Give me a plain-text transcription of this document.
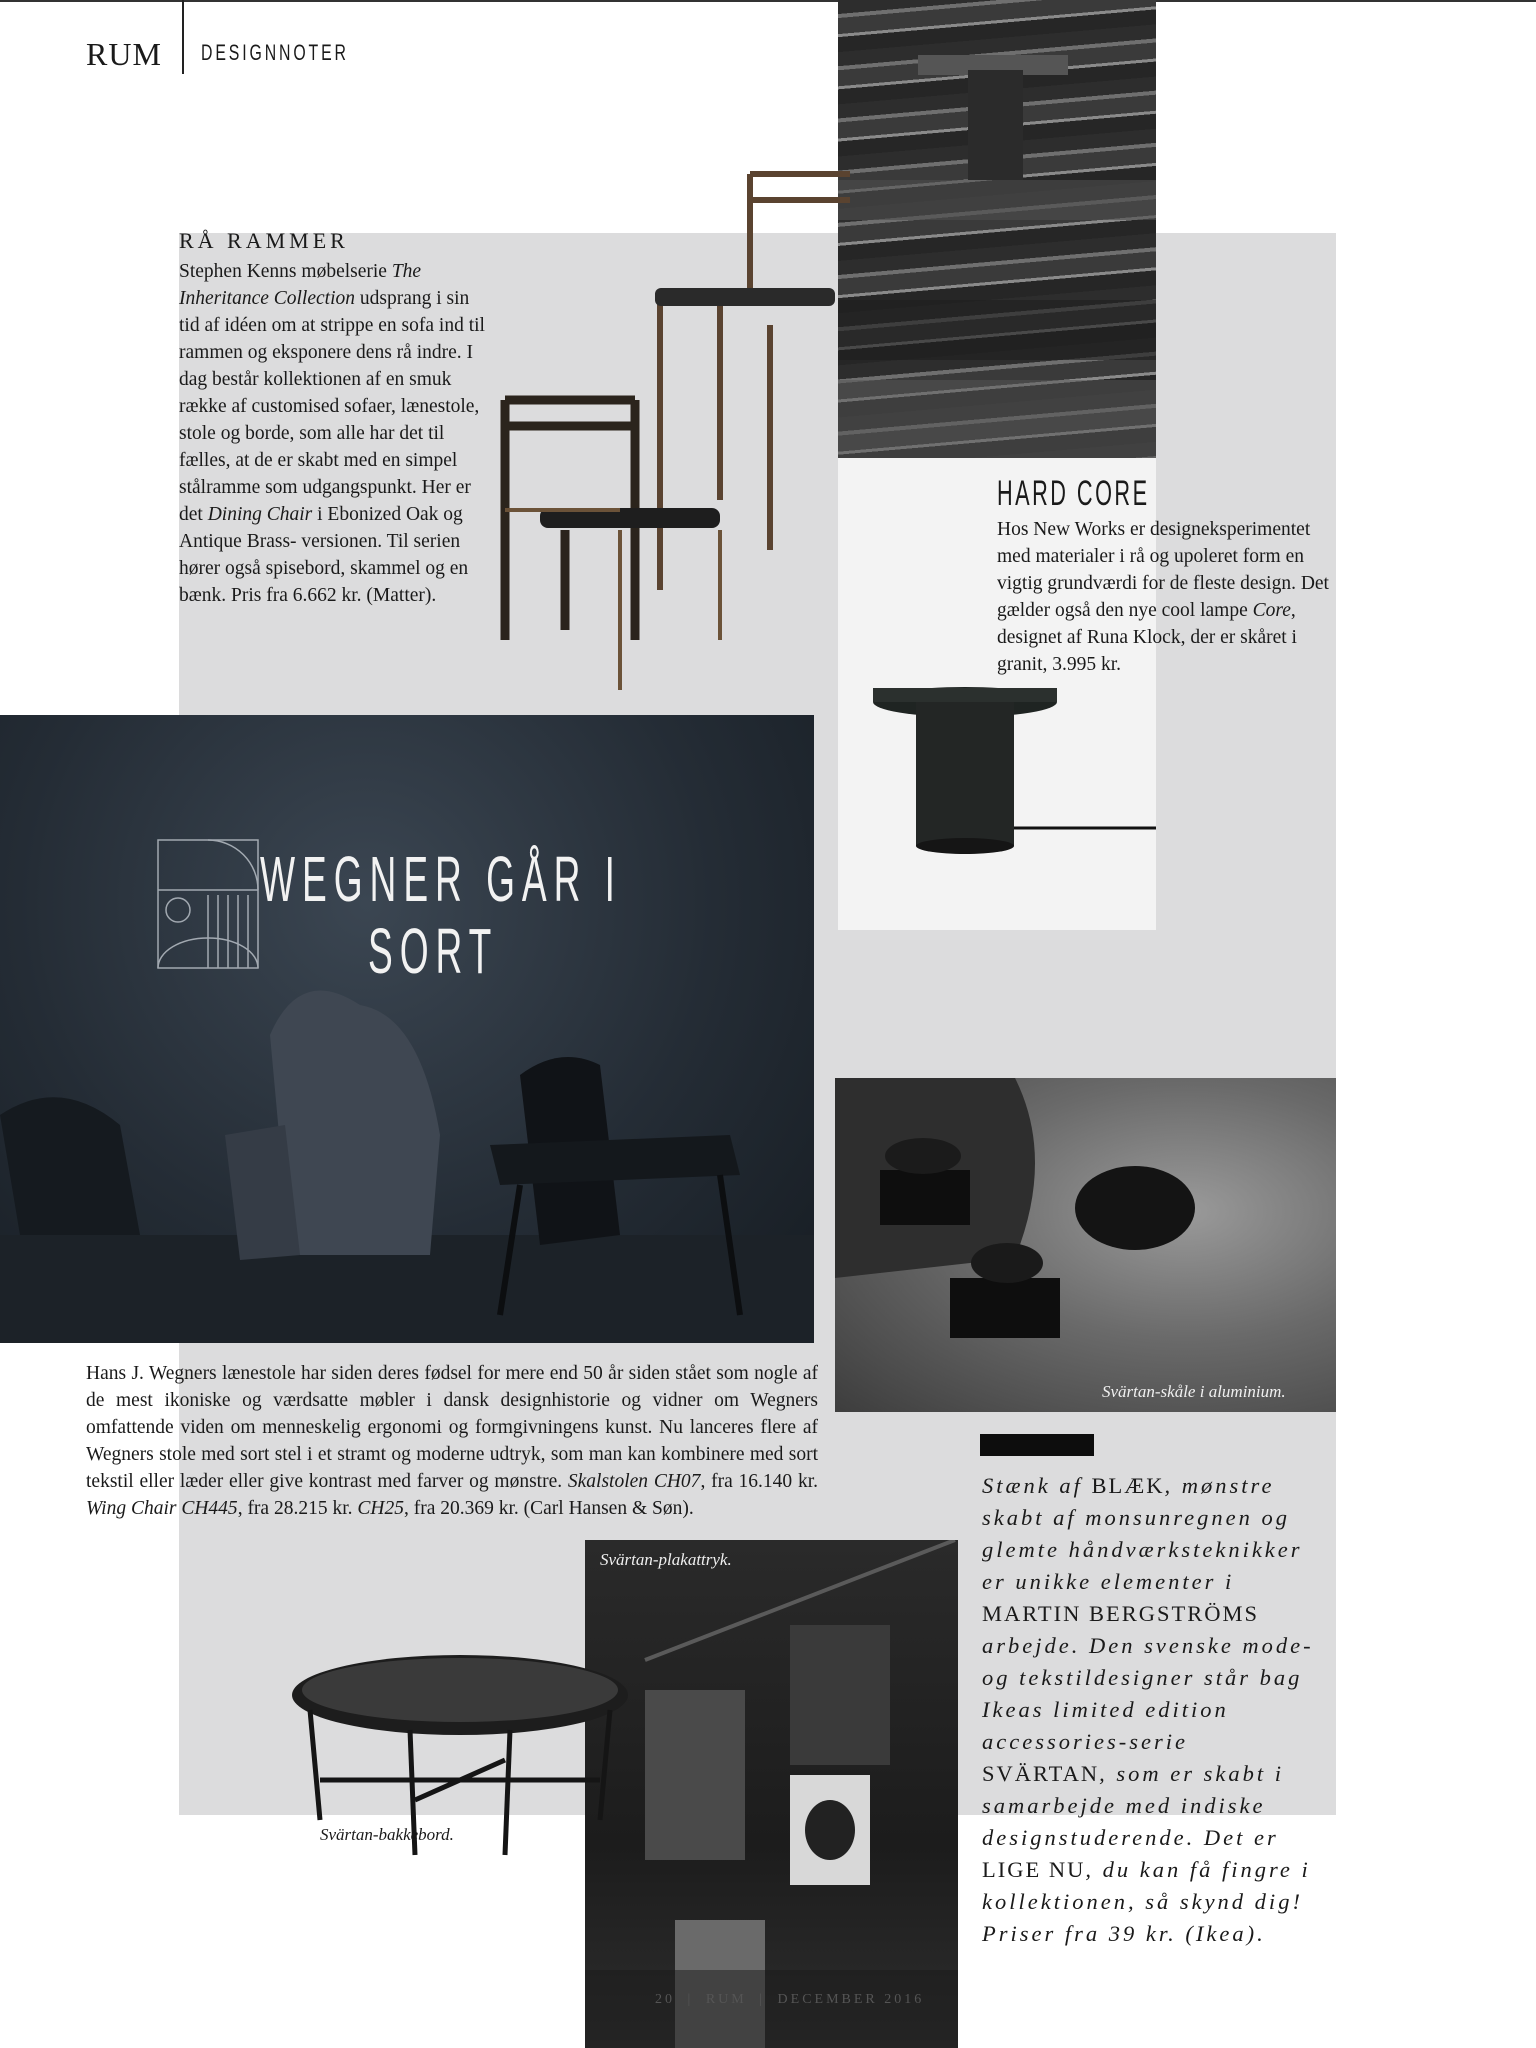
RUM DESIGNNOTER
RÅ RAMMER
Stephen Kenns møbelserie The Inheritance Collection udsprang i sin tid af idéen om at strippe en sofa ind til rammen og eksponere dens rå indre. I dag består kollektionen af en smuk række af customised sofaer, lænestole, stole og borde, som alle har det til fælles, at de er skabt med en simpel stålramme som udgangspunkt. Her er det Dining Chair i Ebonized Oak og Antique Brass- versionen. Til serien hører også spisebord, skammel og en bænk. Pris fra 6.662 kr. (Matter).
HARD CORE
Hos New Works er designeksperimentet med materialer i rå og upoleret form en vigtig grundværdi for de fleste design. Det gælder også den nye cool lampe Core, designet af Runa Klock, der er skåret i granit, 3.995 kr.
WEGNER GÅR I
SORT
Hans J. Wegners lænestole har siden deres fødsel for mere end 50 år siden stået som nogle af de mest ikoniske og værdsatte møbler i dansk designhistorie og vidner om Wegners omfattende viden om menneskelig ergonomi og formgivningens kunst. Nu lanceres flere af Wegners stole med sort stel i et stramt og moderne udtryk, som man kan kombinere med sort tekstil eller læder eller give kontrast med farver og mønstre. Skalstolen CH07, fra 16.140 kr. Wing Chair CH445, fra 28.215 kr. CH25, fra 20.369 kr. (Carl Hansen & Søn).
Svärtan-skåle i aluminium.
Stænk af BLÆK, mønstre skabt af monsunregnen og glemte håndværksteknikker er unikke elementer i MARTIN BERGSTRÖMS arbejde. Den svenske mode- og tekstildesigner står bag Ikeas limited edition accessories-serie SVÄRTAN, som er skabt i samarbejde med indiske designstuderende. Det er LIGE NU, du kan få fingre i kollektionen, så skynd dig! Priser fra 39 kr. (Ikea).
Svärtan-plakattryk.
Svärtan-bakkebord.
20 | RUM | DECEMBER 2016
